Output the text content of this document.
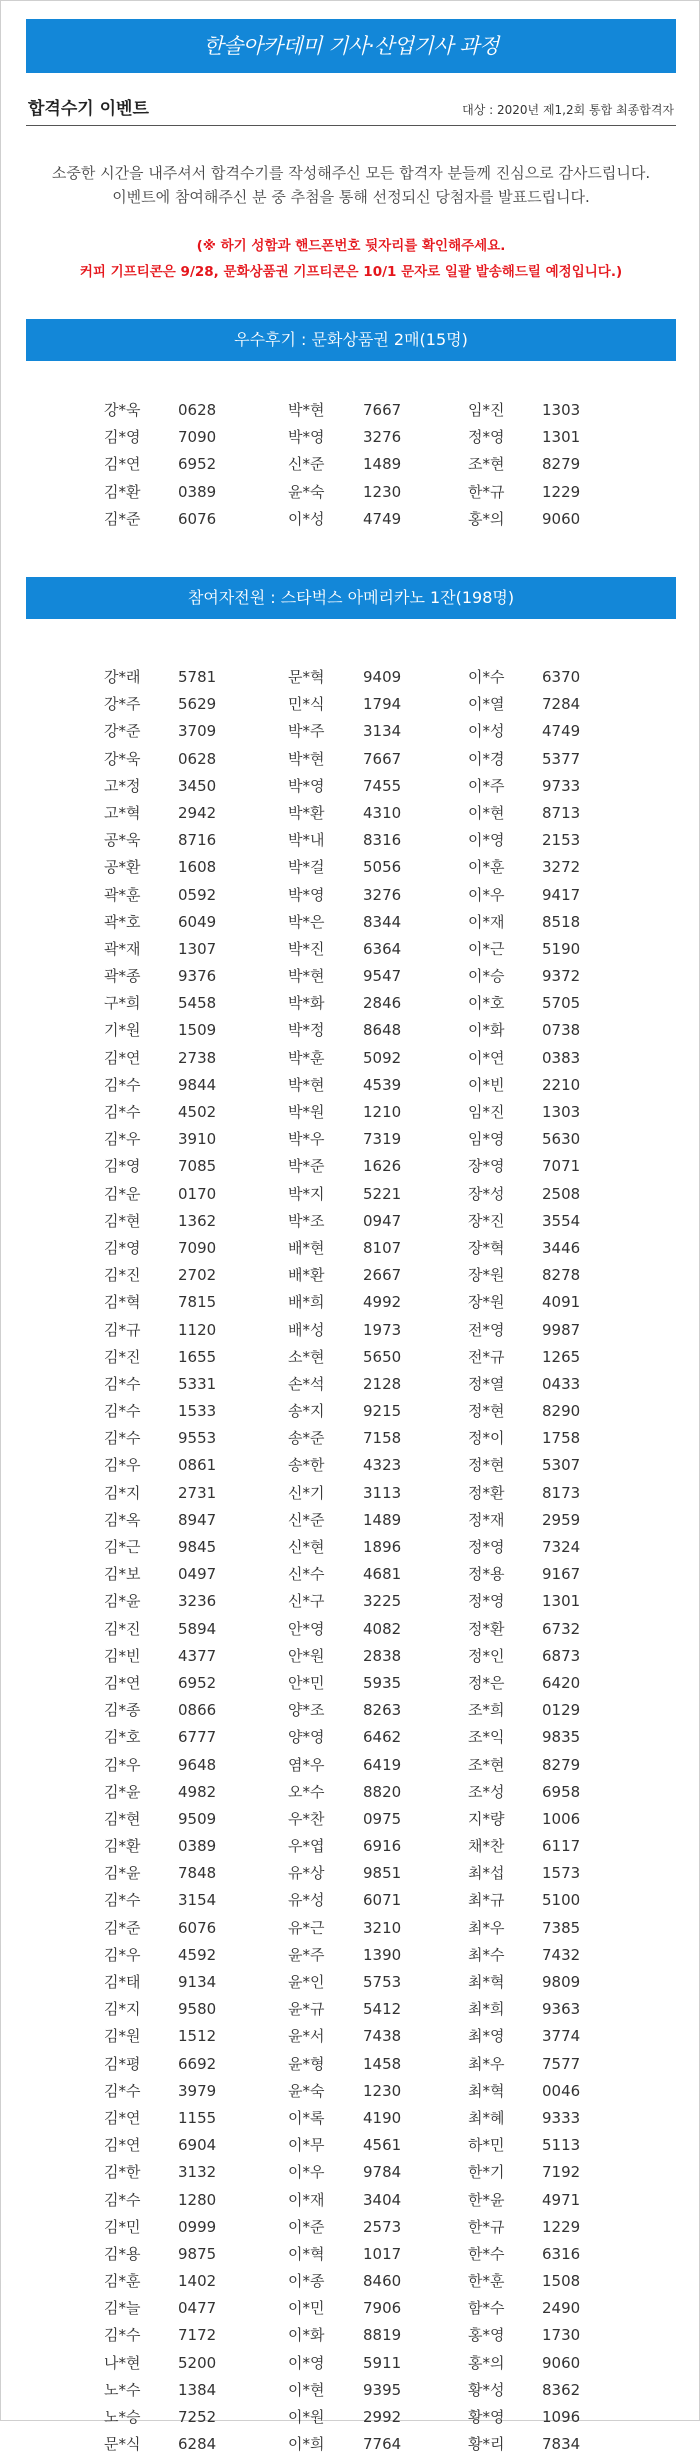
한솔아카데미 기사·산업기사 과정
합격수기 이벤트	대상 : 2020년 제1,2회 통합 최종합격자
소중한 시간을 내주셔서 합격수기를 작성해주신 모든 합격자 분들께 진심으로 감사드립니다.
이벤트에 참여해주신 분 중 추첨을 통해 선정되신 당첨자를 발표드립니다.
(※ 하기 성함과 핸드폰번호 뒷자리를 확인해주세요.
커피 기프티콘은 9/28, 문화상품권 기프티콘은 10/1 문자로 일괄 발송해드릴 예정입니다.)
우수후기 : 문화상품권 2매(15명)
강*욱	0628	박*현	7667	임*진	1303
김*영	7090	박*영	3276	정*영	1301
김*연	6952	신*준	1489	조*현	8279
김*환	0389	윤*숙	1230	한*규	1229
김*준	6076	이*성	4749	홍*의	9060
참여자전원 : 스타벅스 아메리카노 1잔(198명)
강*래	5781	문*혁	9409	이*수	6370
강*주	5629	민*식	1794	이*열	7284
강*준	3709	박*주	3134	이*성	4749
강*욱	0628	박*현	7667	이*경	5377
고*정	3450	박*영	7455	이*주	9733
고*혁	2942	박*환	4310	이*현	8713
공*욱	8716	박*내	8316	이*영	2153
공*환	1608	박*걸	5056	이*훈	3272
곽*훈	0592	박*영	3276	이*우	9417
곽*호	6049	박*은	8344	이*재	8518
곽*재	1307	박*진	6364	이*근	5190
곽*종	9376	박*현	9547	이*승	9372
구*희	5458	박*화	2846	이*호	5705
기*원	1509	박*정	8648	이*화	0738
김*연	2738	박*훈	5092	이*연	0383
김*수	9844	박*현	4539	이*빈	2210
김*수	4502	박*원	1210	임*진	1303
김*우	3910	박*우	7319	임*영	5630
김*영	7085	박*준	1626	장*영	7071
김*운	0170	박*지	5221	장*성	2508
김*현	1362	박*조	0947	장*진	3554
김*영	7090	배*현	8107	장*혁	3446
김*진	2702	배*환	2667	장*원	8278
김*혁	7815	배*희	4992	장*원	4091
김*규	1120	배*성	1973	전*영	9987
김*진	1655	소*현	5650	전*규	1265
김*수	5331	손*석	2128	정*열	0433
김*수	1533	송*지	9215	정*현	8290
김*수	9553	송*준	7158	정*이	1758
김*우	0861	송*한	4323	정*현	5307
김*지	2731	신*기	3113	정*환	8173
김*옥	8947	신*준	1489	정*재	2959
김*근	9845	신*현	1896	정*영	7324
김*보	0497	신*수	4681	정*용	9167
김*윤	3236	신*구	3225	정*영	1301
김*진	5894	안*영	4082	정*환	6732
김*빈	4377	안*원	2838	정*인	6873
김*연	6952	안*민	5935	정*은	6420
김*종	0866	양*조	8263	조*희	0129
김*호	6777	양*영	6462	조*익	9835
김*우	9648	염*우	6419	조*현	8279
김*윤	4982	오*수	8820	조*성	6958
김*현	9509	우*찬	0975	지*량	1006
김*환	0389	우*엽	6916	채*찬	6117
김*윤	7848	유*상	9851	최*섭	1573
김*수	3154	유*성	6071	최*규	5100
김*준	6076	유*근	3210	최*우	7385
김*우	4592	윤*주	1390	최*수	7432
김*태	9134	윤*인	5753	최*혁	9809
김*지	9580	윤*규	5412	최*희	9363
김*원	1512	윤*서	7438	최*영	3774
김*평	6692	윤*형	1458	최*우	7577
김*수	3979	윤*숙	1230	최*혁	0046
김*연	1155	이*록	4190	최*혜	9333
김*연	6904	이*무	4561	하*민	5113
김*한	3132	이*우	9784	한*기	7192
김*수	1280	이*재	3404	한*윤	4971
김*민	0999	이*준	2573	한*규	1229
김*용	9875	이*혁	1017	한*수	6316
김*훈	1402	이*종	8460	한*훈	1508
김*늘	0477	이*민	7906	함*수	2490
김*수	7172	이*화	8819	홍*영	1730
나*현	5200	이*영	5911	홍*의	9060
노*수	1384	이*현	9395	황*성	8362
노*승	7252	이*원	2992	황*영	1096
문*식	6284	이*희	7764	황*리	7834
